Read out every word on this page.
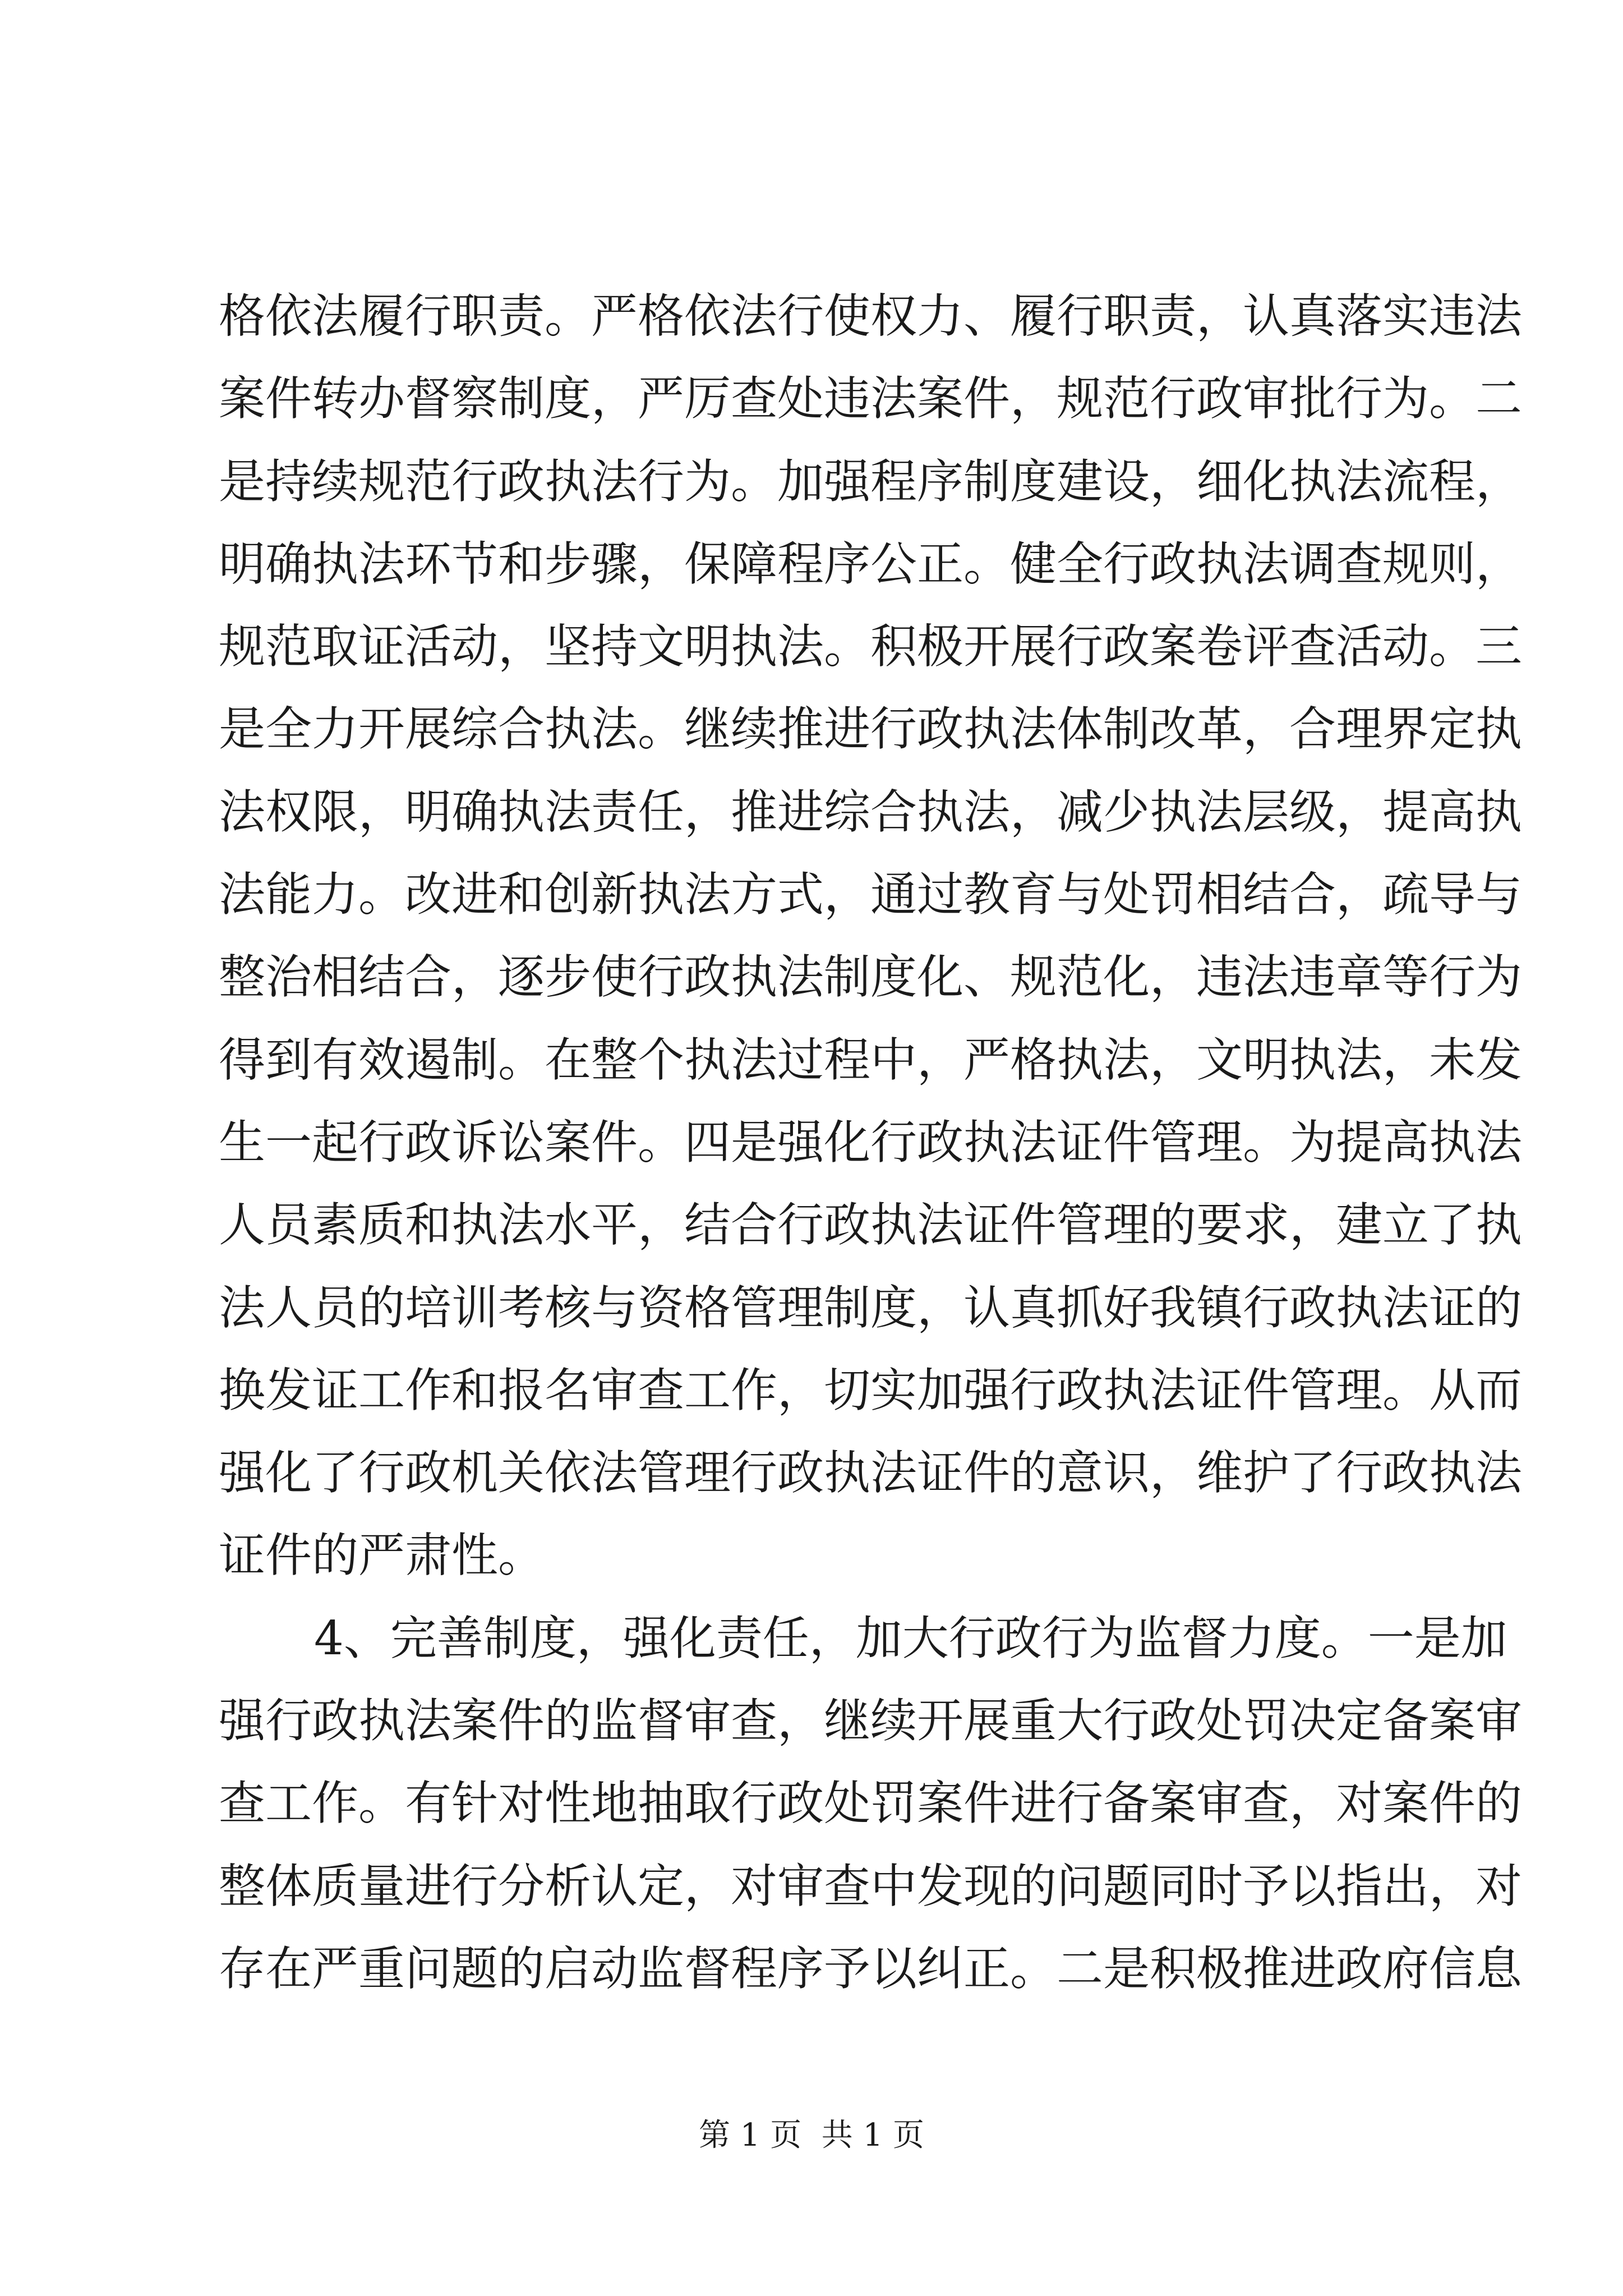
格依法履行职责。严格依法行使权力、履行职责，认真落实违法
案件转办督察制度，严厉查处违法案件，规范行政审批行为。二
是持续规范行政执法行为。加强程序制度建设，细化执法流程，
明确执法环节和步骤，保障程序公正。健全行政执法调查规则，
规范取证活动，坚持文明执法。积极开展行政案卷评查活动。三
是全力开展综合执法。继续推进行政执法体制改革，合理界定执
法权限，明确执法责任，推进综合执法，减少执法层级，提高执
法能力。改进和创新执法方式，通过教育与处罚相结合，疏导与
整治相结合，逐步使行政执法制度化、规范化，违法违章等行为
得到有效遏制。在整个执法过程中，严格执法，文明执法，未发
生一起行政诉讼案件。四是强化行政执法证件管理。为提高执法
人员素质和执法水平，结合行政执法证件管理的要求，建立了执
法人员的培训考核与资格管理制度，认真抓好我镇行政执法证的
换发证工作和报名审查工作，切实加强行政执法证件管理。从而
强化了行政机关依法管理行政执法证件的意识，维护了行政执法
证件的严肃性。
4、完善制度，强化责任，加大行政行为监督力度。一是加
强行政执法案件的监督审查，继续开展重大行政处罚决定备案审
查工作。有针对性地抽取行政处罚案件进行备案审查，对案件的
整体质量进行分析认定，对审查中发现的问题同时予以指出，对
存在严重问题的启动监督程序予以纠正。二是积极推进政府信息
第 1 页  共 1 页
